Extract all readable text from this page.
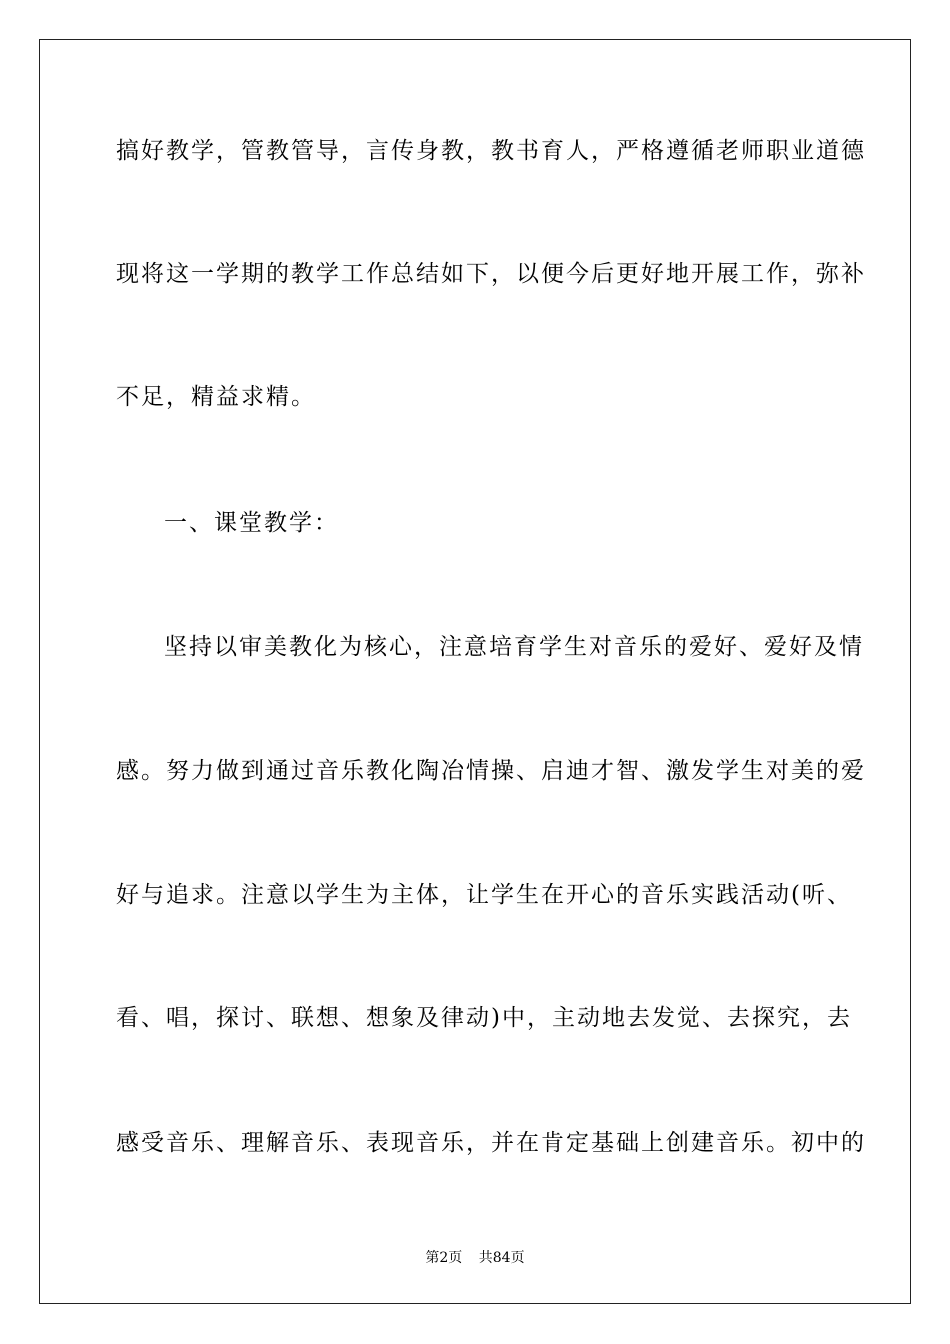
搞好教学，管教管导，言传身教，教书育人，严格遵循老师职业道德
现将这一学期的教学工作总结如下，以便今后更好地开展工作，弥补
不足，精益求精。
一、课堂教学：
坚持以审美教化为核心，注意培育学生对音乐的爱好、爱好及情
感。努力做到通过音乐教化陶冶情操、启迪才智、激发学生对美的爱
好与追求。注意以学生为主体，让学生在开心的音乐实践活动(听、
看、唱，探讨、联想、想象及律动)中，主动地去发觉、去探究，去
感受音乐、理解音乐、表现音乐，并在肯定基础上创建音乐。初中的
第2页 共84页
